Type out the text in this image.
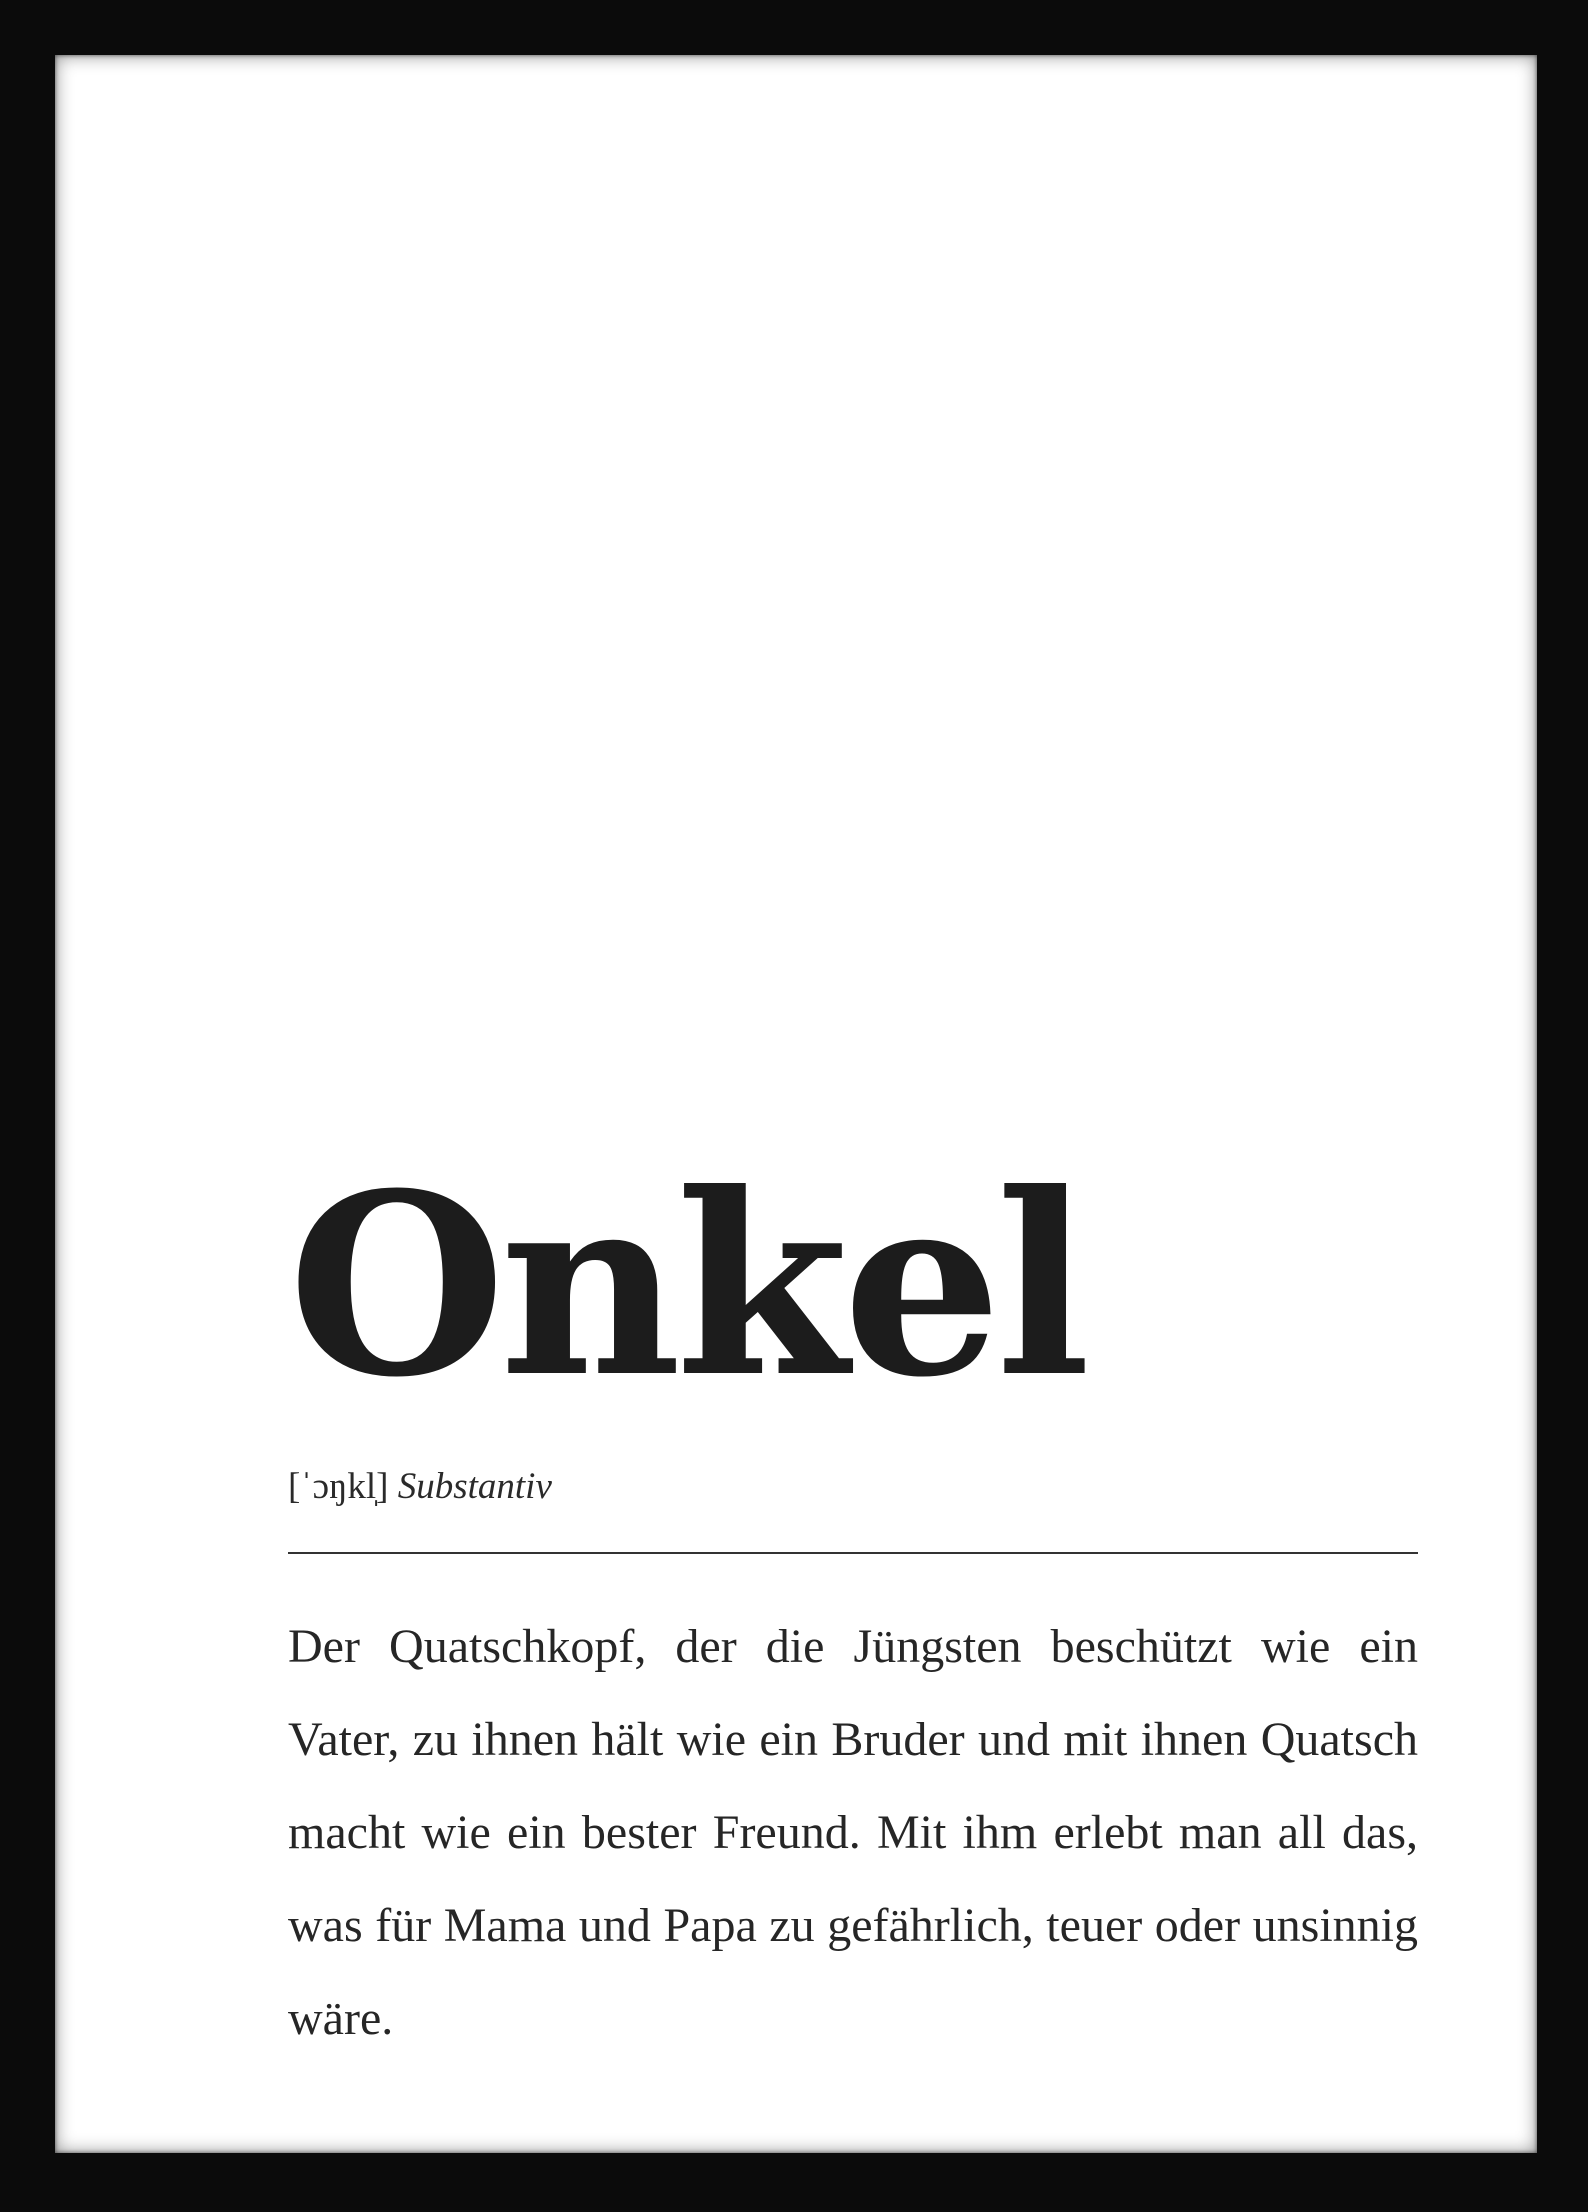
Onkel
[ˈɔŋkl̩] Substantiv

Der Quatschkopf, der die Jüngsten beschützt wie ein Vater, zu ihnen hält wie ein Bruder und mit ihnen Quatsch macht wie ein bester Freund. Mit ihm erlebt man all das, was für Mama und Papa zu gefährlich, teuer oder unsinnig wäre.
